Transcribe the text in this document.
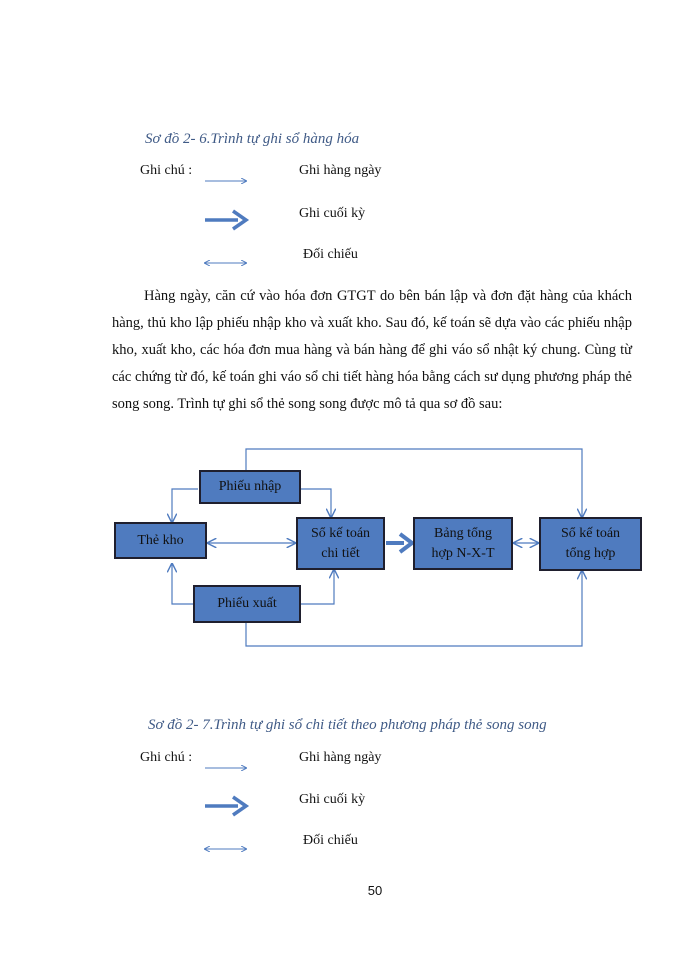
Sơ đồ 2- 6.Trình tự ghi sổ hàng hóa
Ghi chú :	Ghi hàng ngày
Ghi cuối kỳ
Đối chiếu

Hàng ngày, căn cứ vào hóa đơn GTGT do bên bán lập và đơn đặt hàng của khách hàng, thủ kho lập phiếu nhập kho và xuất kho. Sau đó, kế toán sẽ dựa vào các phiếu nhập kho, xuất kho, các hóa đơn mua hàng và bán hàng để ghi váo sổ nhật ký chung. Cùng từ các chứng từ đó, kế toán ghi váo sổ chi tiết hàng hóa bằng cách sư dụng phương pháp thẻ song song. Trình tự ghi sổ thẻ song song được mô tả qua sơ đồ sau:

Phiếu nhập
Thẻ kho	Sổ kế toán chi tiết
Bảng tổng hợp N-X-T
Sổ kế toán tổng hợp
Phiếu xuất
Sơ đồ 2- 7.Trình tự ghi sổ chi tiết theo phương pháp thẻ song song
Ghi chú :	Ghi hàng ngày
Ghi cuối kỳ
Đối chiếu
50
